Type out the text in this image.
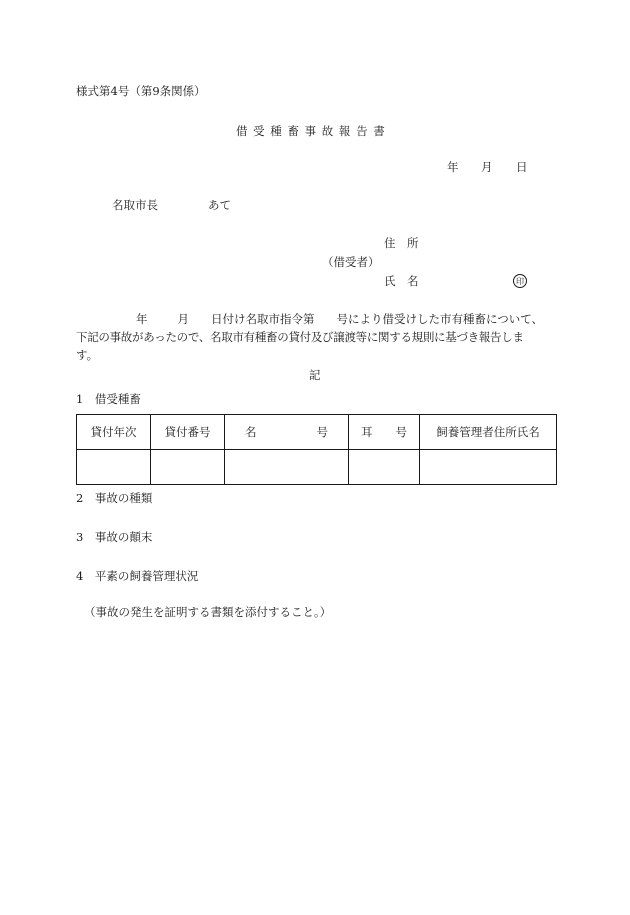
様式第4号（第9条関係）
借 受 種 畜 事 故 報 告 書
年 月 日
名取市長	あて
住　所
（借受者）
氏　名	印
年	月 日付け名取市指令第 号により借受けした市有種畜について、
下記の事故があったので、名取市有種畜の貸付及び譲渡等に関する規則に基づき報告しま
す。
記
1　借受種畜
貸付年次	貸付番号	名 号	耳 号	飼養管理者住所氏名

2　事故の種類
3　事故の顛末
4　平素の飼養管理状況
（事故の発生を証明する書類を添付すること。）
